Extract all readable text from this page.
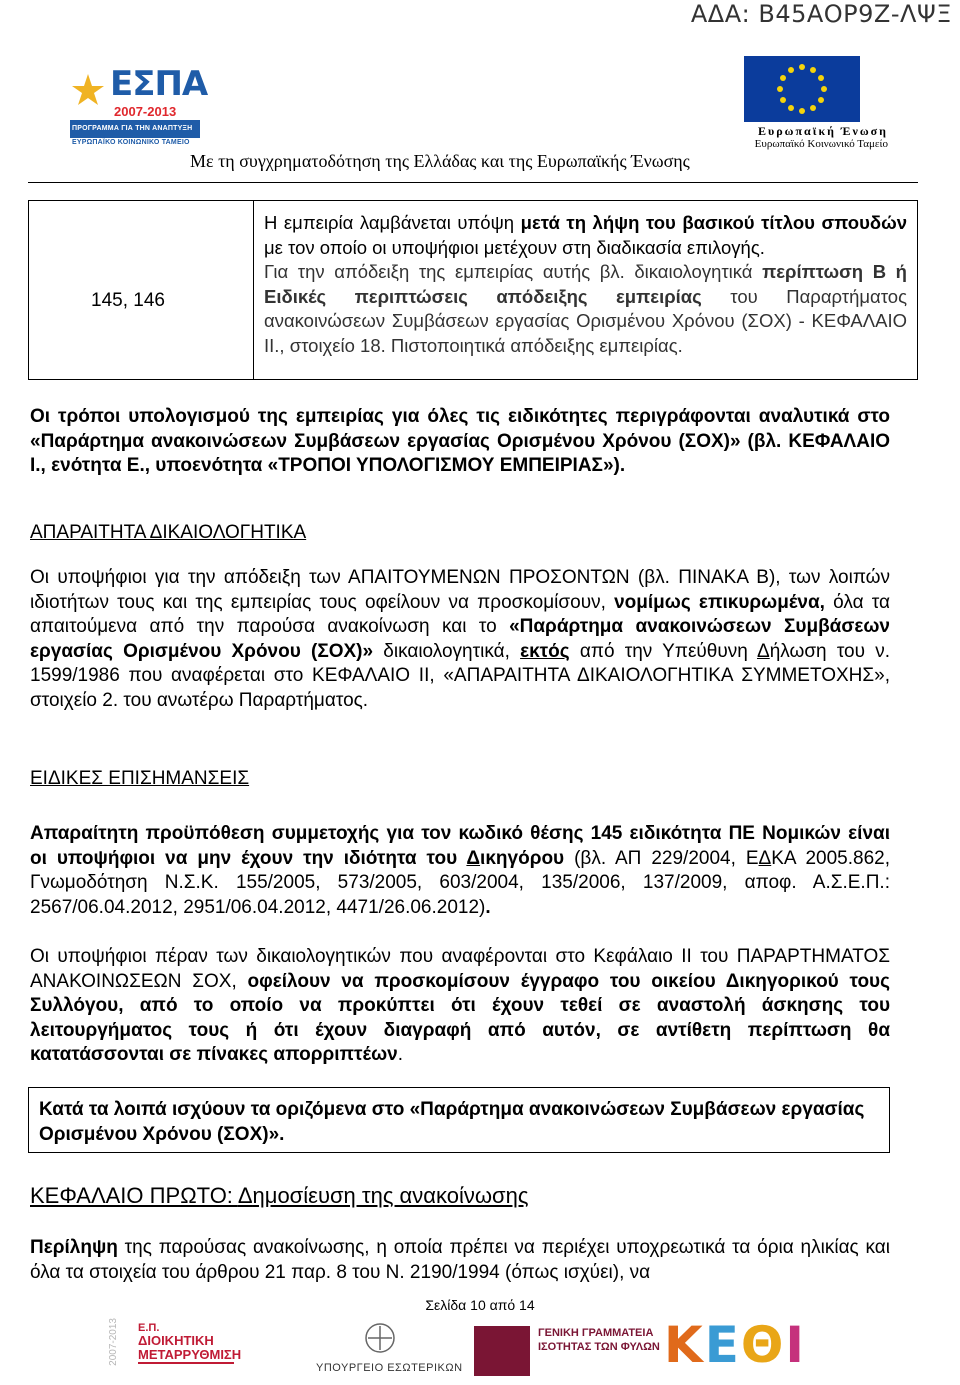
ΑΔΑ: Β45ΑΟΡ9Ζ-ΛΨΞ
ΕΣΠΑ
2007-2013
ΠΡΟΓΡΑΜΜΑ ΓΙΑ ΤΗΝ ΑΝΑΠΤΥΞΗ
ΕΥΡΩΠΑΪΚΟ ΚΟΙΝΩΝΙΚΟ ΤΑΜΕΙΟ
Ευρωπαϊκή Ένωση
Ευρωπαϊκό Κοινωνικό Ταμείο
Με τη συγχρηματοδότηση της Ελλάδας και της Ευρωπαϊκής Ένωσης
145, 146

Η εμπειρία λαμβάνεται υπόψη μετά τη λήψη του βασικού τίτλου σπουδών με τον οποίο οι υποψήφιοι μετέχουν στη διαδικασία επιλογής.

Για την απόδειξη της εμπειρίας αυτής βλ. δικαιολογητικά περίπτωση Β ή Ειδικές περιπτώσεις απόδειξης εμπειρίας του Παραρτήματος ανακοινώσεων Συμβάσεων εργασίας Ορισμένου Χρόνου (ΣΟΧ) - ΚΕΦΑΛΑΙΟ ΙΙ., στοιχείο 18. Πιστοποιητικά απόδειξης εμπειρίας.

Οι τρόποι υπολογισμού της εμπειρίας για όλες τις ειδικότητες περιγράφονται αναλυτικά στο «Παράρτημα ανακοινώσεων Συμβάσεων εργασίας Ορισμένου Χρόνου (ΣΟΧ)» (βλ. ΚΕΦΑΛΑΙΟ Ι., ενότητα Ε., υποενότητα «ΤΡΟΠΟΙ ΥΠΟΛΟΓΙΣΜΟΥ ΕΜΠΕΙΡΙΑΣ»).
ΑΠΑΡΑΙΤΗΤΑ ΔΙΚΑΙΟΛΟΓΗΤΙΚΑ
Οι υποψήφιοι για την απόδειξη των ΑΠΑΙΤΟΥΜΕΝΩΝ ΠΡΟΣΟΝΤΩΝ (βλ. ΠΙΝΑΚΑ Β), των λοιπών ιδιοτήτων τους και της εμπειρίας τους οφείλουν να προσκομίσουν, νομίμως επικυρωμένα, όλα τα απαιτούμενα από την παρούσα ανακοίνωση και το «Παράρτημα ανακοινώσεων Συμβάσεων εργασίας Ορισμένου Χρόνου (ΣΟΧ)» δικαιολογητικά, εκτός από την Υπεύθυνη Δήλωση του ν. 1599/1986 που αναφέρεται στο ΚΕΦΑΛΑΙΟ ΙΙ, «ΑΠΑΡΑΙΤΗΤΑ ΔΙΚΑΙΟΛΟΓΗΤΙΚΑ ΣΥΜΜΕΤΟΧΗΣ», στοιχείο 2. του ανωτέρω Παραρτήματος.
ΕΙΔΙΚΕΣ ΕΠΙΣΗΜΑΝΣΕΙΣ
Απαραίτητη προϋπόθεση συμμετοχής για τον κωδικό θέσης 145 ειδικότητα ΠΕ Νομικών είναι οι υποψήφιοι να μην έχουν την ιδιότητα του Δικηγόρου (βλ. ΑΠ 229/2004, ΕΔΚΑ 2005.862, Γνωμοδότηση Ν.Σ.Κ. 155/2005, 573/2005, 603/2004, 135/2006, 137/2009, αποφ. Α.Σ.Ε.Π.: 2567/06.04.2012, 2951/06.04.2012, 4471/26.06.2012).
Οι υποψήφιοι πέραν των δικαιολογητικών που αναφέρονται στο Κεφάλαιο ΙΙ του ΠΑΡΑΡΤΗΜΑΤΟΣ ΑΝΑΚΟΙΝΩΣΕΩΝ ΣΟΧ, οφείλουν να προσκομίσουν έγγραφο του οικείου Δικηγορικού τους Συλλόγου, από το οποίο να προκύπτει ότι έχουν τεθεί σε αναστολή άσκησης του λειτουργήματος τους ή ότι έχουν διαγραφή από αυτόν, σε αντίθετη περίπτωση θα κατατάσσονται σε πίνακες απορριπτέων.
Κατά τα λοιπά ισχύουν τα οριζόμενα στο «Παράρτημα ανακοινώσεων Συμβάσεων εργασίας Ορισμένου Χρόνου (ΣΟΧ)».
ΚΕΦΑΛΑΙΟ ΠΡΩΤΟ: Δημοσίευση της ανακοίνωσης
Περίληψη της παρούσας ανακοίνωσης, η οποία πρέπει να περιέχει υποχρεωτικά τα όρια ηλικίας και όλα τα στοιχεία του άρθρου 21 παρ. 8 του Ν. 2190/1994 (όπως ισχύει), να
Σελίδα 10 από 14
2007-2013 Ε.Π.
ΔΙΟΙΚΗΤΙΚΗ
ΜΕΤΑΡΡΥΘΜΙΣΗ
ΥΠΟΥΡΓΕΙΟ ΕΣΩΤΕΡΙΚΩΝ
ΓΕΝΙΚΗ ΓΡΑΜΜΑΤΕΙΑ
ΙΣΟΤΗΤΑΣ ΤΩΝ ΦΥΛΩΝ ΚΕΘΙ
